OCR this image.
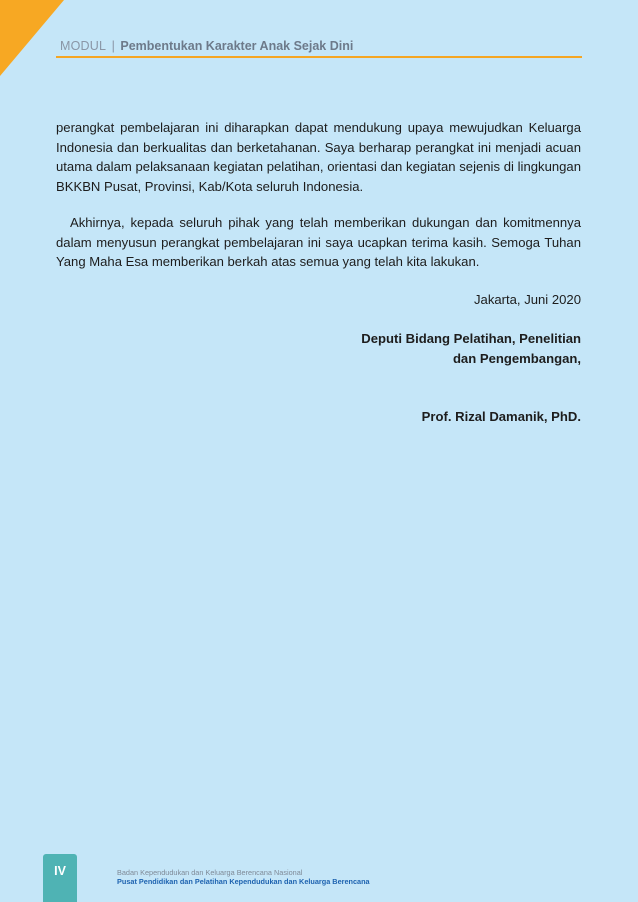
MODUL | Pembentukan Karakter Anak Sejak Dini

perangkat pembelajaran ini diharapkan dapat mendukung upaya mewujudkan Keluarga Indonesia dan berkualitas dan berketahanan. Saya berharap perangkat ini menjadi acuan utama dalam pelaksanaan kegiatan pelatihan, orientasi dan kegiatan sejenis di lingkungan BKKBN Pusat, Provinsi, Kab/Kota seluruh Indonesia.

Akhirnya, kepada seluruh pihak yang telah memberikan dukungan dan komitmennya dalam menyusun perangkat pembelajaran ini saya ucapkan terima kasih. Semoga Tuhan Yang Maha Esa memberikan berkah atas semua yang telah kita lakukan.

Jakarta, Juni 2020
Deputi Bidang Pelatihan, Penelitian
dan Pengembangan,
Prof. Rizal Damanik, PhD.
IV	Badan Kependudukan dan Keluarga Berencana Nasional
Pusat Pendidikan dan Pelatihan Kependudukan dan Keluarga Berencana
